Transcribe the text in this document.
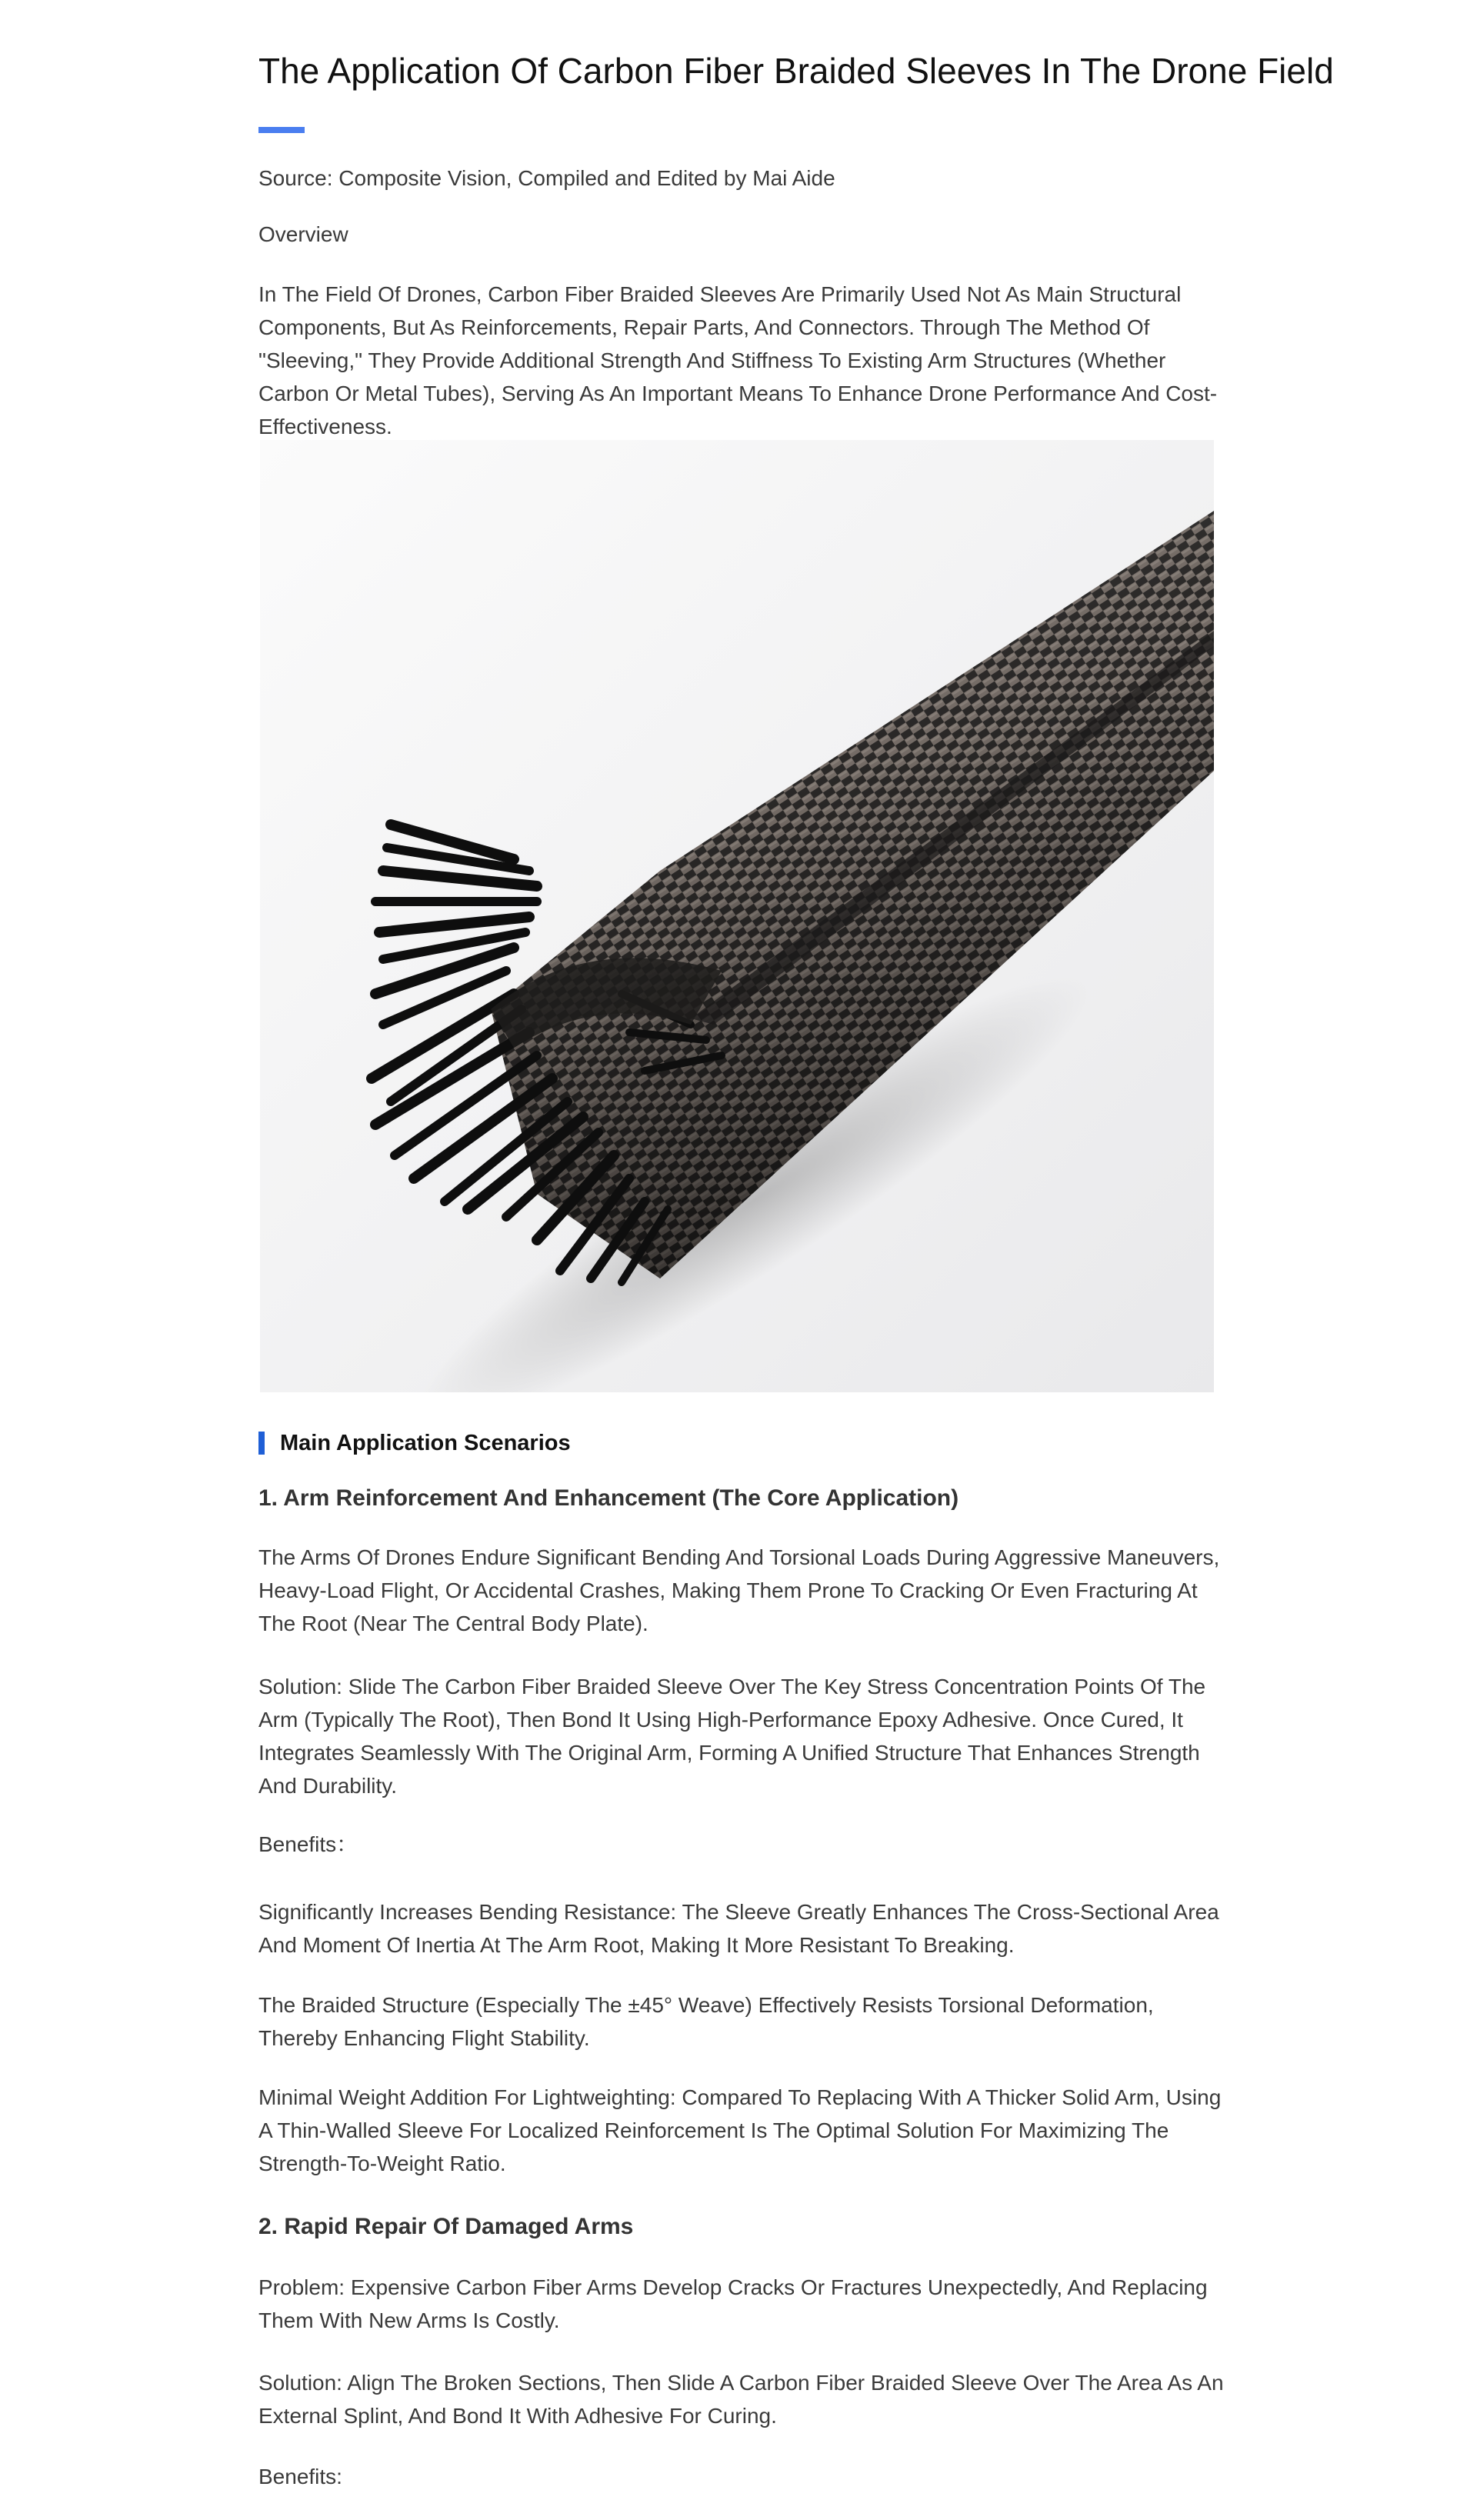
The Application Of Carbon Fiber Braided Sleeves In The Drone Field

Source: Composite Vision, Compiled and Edited by Mai Aide

Overview

In The Field Of Drones, Carbon Fiber Braided Sleeves Are Primarily Used Not As Main Structural Components, But As Reinforcements, Repair Parts, And Connectors. Through The Method Of "Sleeving," They Provide Additional Strength And Stiffness To Existing Arm Structures (Whether Carbon Or Metal Tubes), Serving As An Important Means To Enhance Drone Performance And Cost-Effectiveness.

Main Application Scenarios

1. Arm Reinforcement And Enhancement (The Core Application)

The Arms Of Drones Endure Significant Bending And Torsional Loads During Aggressive Maneuvers, Heavy-Load Flight, Or Accidental Crashes, Making Them Prone To Cracking Or Even Fracturing At The Root (Near The Central Body Plate).

Solution: Slide The Carbon Fiber Braided Sleeve Over The Key Stress Concentration Points Of The Arm (Typically The Root), Then Bond It Using High-Performance Epoxy Adhesive. Once Cured, It Integrates Seamlessly With The Original Arm, Forming A Unified Structure That Enhances Strength And Durability.

Benefits：

Significantly Increases Bending Resistance: The Sleeve Greatly Enhances The Cross-Sectional Area And Moment Of Inertia At The Arm Root, Making It More Resistant To Breaking.

The Braided Structure (Especially The ±45° Weave) Effectively Resists Torsional Deformation, Thereby Enhancing Flight Stability.

Minimal Weight Addition For Lightweighting: Compared To Replacing With A Thicker Solid Arm, Using A Thin-Walled Sleeve For Localized Reinforcement Is The Optimal Solution For Maximizing The Strength-To-Weight Ratio.

2. Rapid Repair Of Damaged Arms

Problem: Expensive Carbon Fiber Arms Develop Cracks Or Fractures Unexpectedly, And Replacing Them With New Arms Is Costly.

Solution: Align The Broken Sections, Then Slide A Carbon Fiber Braided Sleeve Over The Area As An External Splint, And Bond It With Adhesive For Curing.

Benefits:
